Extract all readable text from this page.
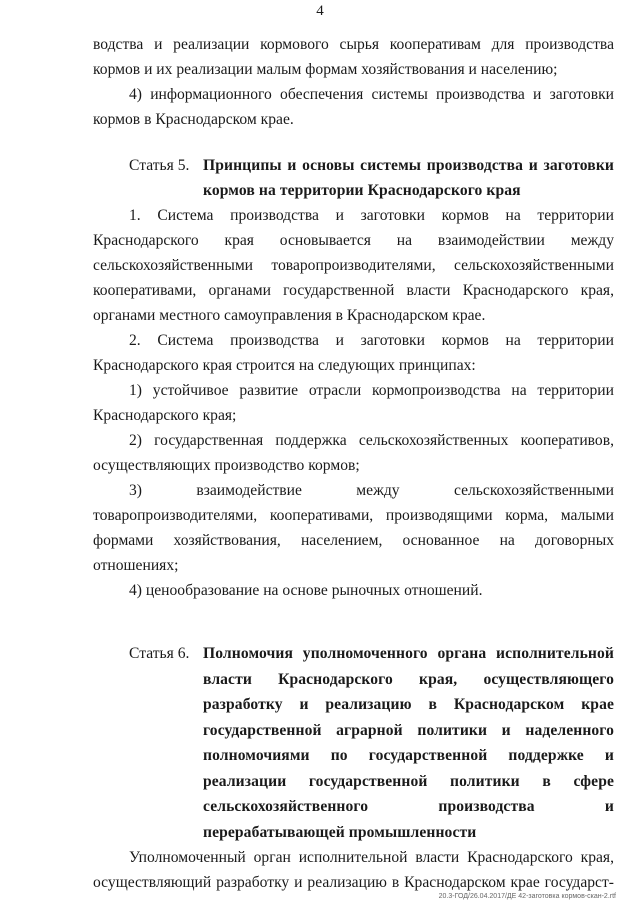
4

водства и реализации кормового сырья кооперативам для производства кормов и их реализации малым формам хозяйствования и населению;

4) информационного обеспечения системы производства и заготовки кормов в Краснодарском крае.

Статья 5. Принципы и основы системы производства и заготовки кормов на территории Краснодарского края

1. Система производства и заготовки кормов на территории Краснодарского края основывается на взаимодействии между сельскохозяйственными товаропроизводителями, сельскохозяйственными кооперативами, органами государственной власти Краснодарского края, органами местного самоуправления в Краснодарском крае.

2. Система производства и заготовки кормов на территории Краснодарского края строится на следующих принципах:

1) устойчивое развитие отрасли кормопроизводства на территории Краснодарского края;

2) государственная поддержка сельскохозяйственных кооперативов, осуществляющих производство кормов;

3) взаимодействие между сельскохозяйственными товаропроизводителями, кооперативами, производящими корма, малыми формами хозяйствования, населением, основанное на договорных отношениях;

4) ценообразование на основе рыночных отношений.

Статья 6. Полномочия уполномоченного органа исполнительной власти Краснодарского края, осуществляющего разработку и реализацию в Краснодарском крае государственной аграрной политики и наделенного полномочиями по государственной поддержке и реализации государственной политики в сфере сельскохозяйственного производства и перерабатывающей промышленности

Уполномоченный орган исполнительной власти Краснодарского края, осуществляющий разработку и реализацию в Краснодарском крае государст-

20.3-ГОД/26.04.2017/ДЕ 42-заготовка кормов-скан-2.rtf
